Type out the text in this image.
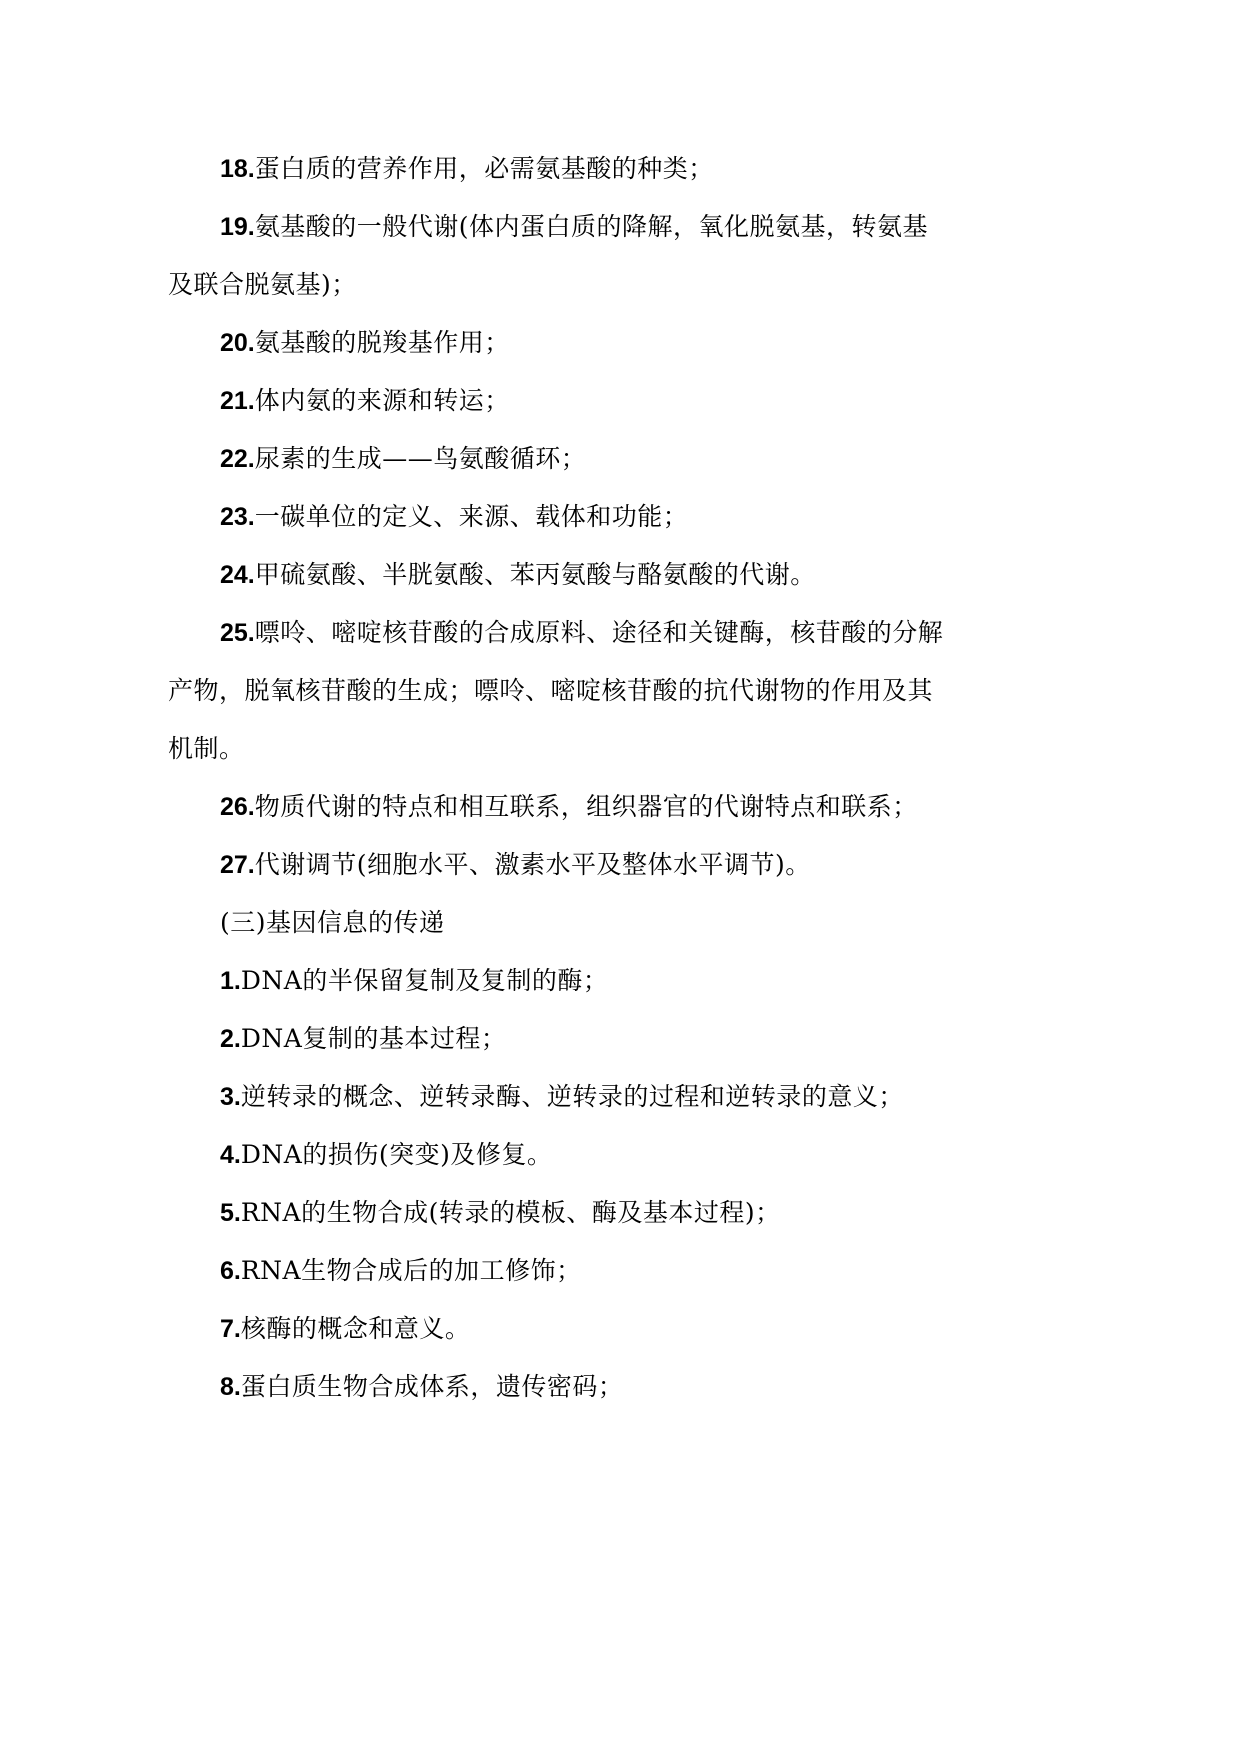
18.蛋白质的营养作用，必需氨基酸的种类；

19.氨基酸的一般代谢(体内蛋白质的降解，氧化脱氨基，转氨基及联合脱氨基)；

20.氨基酸的脱羧基作用；

21.体内氨的来源和转运；

22.尿素的生成——鸟氨酸循环；

23.一碳单位的定义、来源、载体和功能；

24.甲硫氨酸、半胱氨酸、苯丙氨酸与酪氨酸的代谢。

25.嘌呤、嘧啶核苷酸的合成原料、途径和关键酶，核苷酸的分解产物，脱氧核苷酸的生成；嘌呤、嘧啶核苷酸的抗代谢物的作用及其机制。

26.物质代谢的特点和相互联系，组织器官的代谢特点和联系；

27.代谢调节(细胞水平、激素水平及整体水平调节)。

(三)基因信息的传递

1.DNA的半保留复制及复制的酶；

2.DNA复制的基本过程；

3.逆转录的概念、逆转录酶、逆转录的过程和逆转录的意义；

4.DNA的损伤(突变)及修复。

5.RNA的生物合成(转录的模板、酶及基本过程)；

6.RNA生物合成后的加工修饰；

7.核酶的概念和意义。

8.蛋白质生物合成体系，遗传密码；
